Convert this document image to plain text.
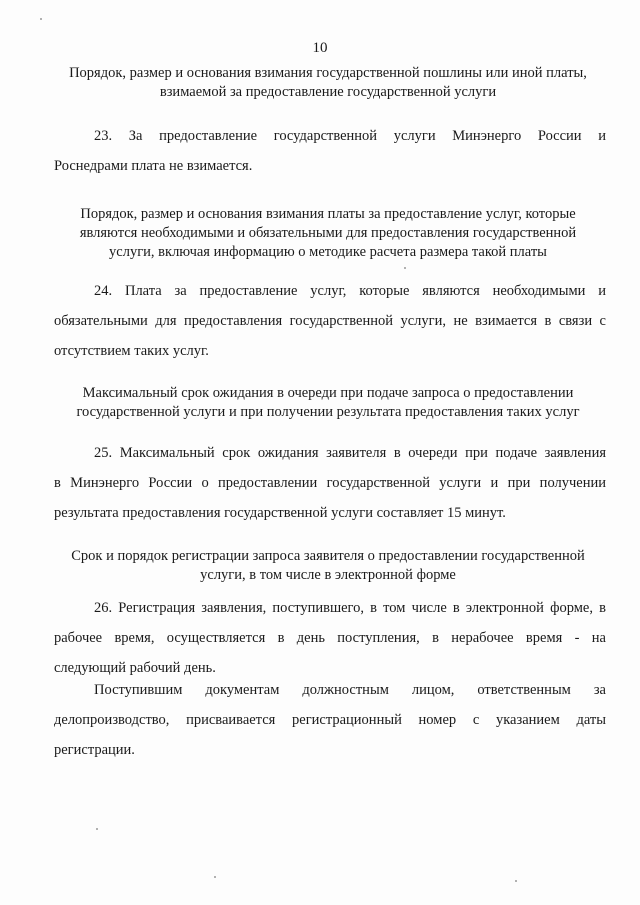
10
Порядок, размер и основания взимания государственной пошлины или иной платы,
взимаемой за предоставление государственной услуги
23. За предоставление государственной услуги Минэнерго России и
Роснедрами плата не взимается.
Порядок, размер и основания взимания платы за предоставление услуг, которые
являются необходимыми и обязательными для предоставления государственной
услуги, включая информацию о методике расчета размера такой платы
24. Плата за предоставление услуг, которые являются необходимыми и
обязательными для предоставления государственной услуги, не взимается в связи с
отсутствием таких услуг.
Максимальный срок ожидания в очереди при подаче запроса о предоставлении
государственной услуги и при получении результата предоставления таких услуг
25. Максимальный срок ожидания заявителя в очереди при подаче заявления
в Минэнерго России о предоставлении государственной услуги и при получении
результата предоставления государственной услуги составляет 15 минут.
Срок и порядок регистрации запроса заявителя о предоставлении государственной
услуги, в том числе в электронной форме
26. Регистрация заявления, поступившего, в том числе в электронной форме, в
рабочее время, осуществляется в день поступления, в нерабочее время - на
следующий рабочий день.
Поступившим документам должностным лицом, ответственным за
делопроизводство, присваивается регистрационный номер с указанием даты
регистрации.
